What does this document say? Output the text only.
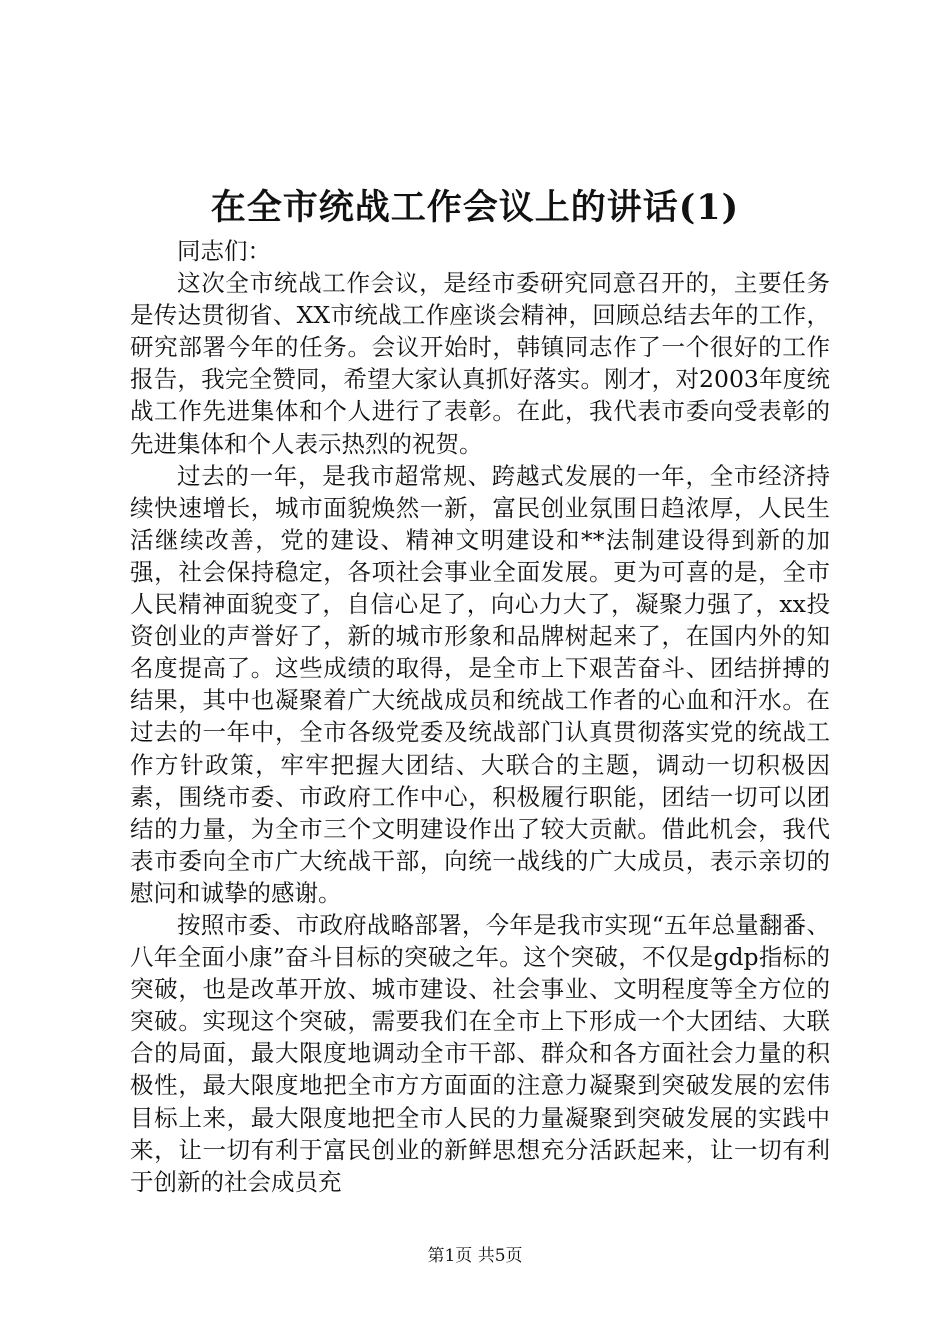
在全市统战工作会议上的讲话(1)

同志们：

这次全市统战工作会议，是经市委研究同意召开的，主要任务是传达贯彻省、XX市统战工作座谈会精神，回顾总结去年的工作，研究部署今年的任务。会议开始时，韩镇同志作了一个很好的工作报告，我完全赞同，希望大家认真抓好落实。刚才，对2003年度统战工作先进集体和个人进行了表彰。在此，我代表市委向受表彰的先进集体和个人表示热烈的祝贺。

过去的一年，是我市超常规、跨越式发展的一年，全市经济持续快速增长，城市面貌焕然一新，富民创业氛围日趋浓厚，人民生活继续改善，党的建设、精神文明建设和**法制建设得到新的加强，社会保持稳定，各项社会事业全面发展。更为可喜的是，全市人民精神面貌变了，自信心足了，向心力大了，凝聚力强了，xx投资创业的声誉好了，新的城市形象和品牌树起来了，在国内外的知名度提高了。这些成绩的取得，是全市上下艰苦奋斗、团结拼搏的结果，其中也凝聚着广大统战成员和统战工作者的心血和汗水。在过去的一年中，全市各级党委及统战部门认真贯彻落实党的统战工作方针政策，牢牢把握大团结、大联合的主题，调动一切积极因素，围绕市委、市政府工作中心，积极履行职能，团结一切可以团结的力量，为全市三个文明建设作出了较大贡献。借此机会，我代表市委向全市广大统战干部，向统一战线的广大成员，表示亲切的慰问和诚挚的感谢。

按照市委、市政府战略部署，今年是我市实现“五年总量翻番、八年全面小康”奋斗目标的突破之年。这个突破，不仅是gdp指标的突破，也是改革开放、城市建设、社会事业、文明程度等全方位的突破。实现这个突破，需要我们在全市上下形成一个大团结、大联合的局面，最大限度地调动全市干部、群众和各方面社会力量的积极性，最大限度地把全市方方面面的注意力凝聚到突破发展的宏伟目标上来，最大限度地把全市人民的力量凝聚到突破发展的实践中来，让一切有利于富民创业的新鲜思想充分活跃起来，让一切有利于创新的社会成员充

第1页 共5页
